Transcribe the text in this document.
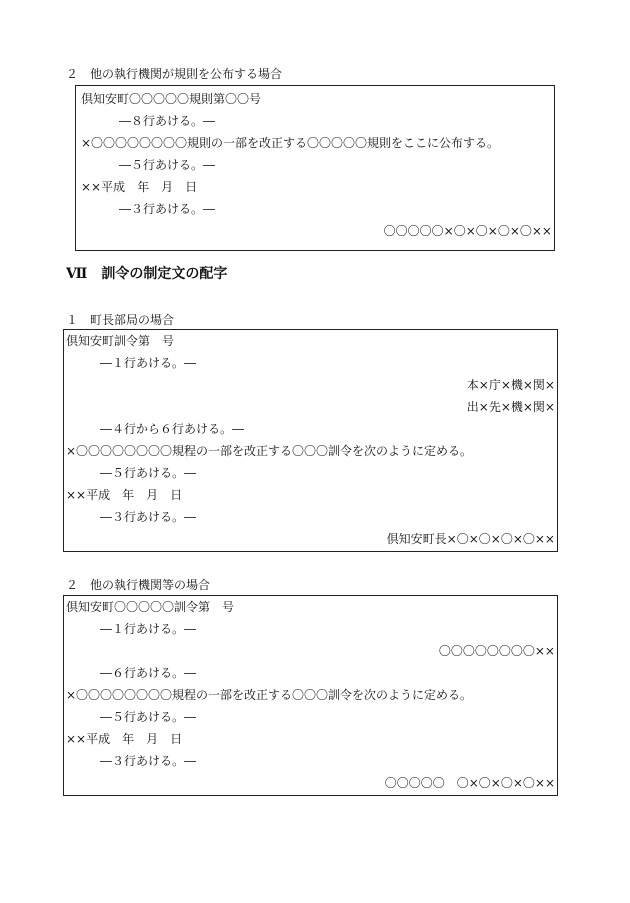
２　他の執行機関が規則を公布する場合

倶知安町〇〇〇〇〇規則第〇〇号
―８行あける。―
×〇〇〇〇〇〇〇〇規則の一部を改正する〇〇〇〇〇規則をここに公布する。
―５行あける。―
××平成　年　月　日
―３行あける。―
〇〇〇〇〇×〇×〇×〇×〇××

Ⅶ　訓令の制定文の配字

１　町長部局の場合

倶知安町訓令第　号
―１行あける。―
本×庁×機×関×
出×先×機×関×
―４行から６行あける。―
×〇〇〇〇〇〇〇〇規程の一部を改正する〇〇〇訓令を次のように定める。
―５行あける。―
××平成　年　月　日
―３行あける。―
倶知安町長×〇×〇×〇×〇××

２　他の執行機関等の場合

倶知安町〇〇〇〇〇訓令第　号
―１行あける。―
〇〇〇〇〇〇〇〇××
―６行あける。―
×〇〇〇〇〇〇〇〇規程の一部を改正する〇〇〇訓令を次のように定める。
―５行あける。―
××平成　年　月　日
―３行あける。―
〇〇〇〇〇　〇×〇×〇×〇××
